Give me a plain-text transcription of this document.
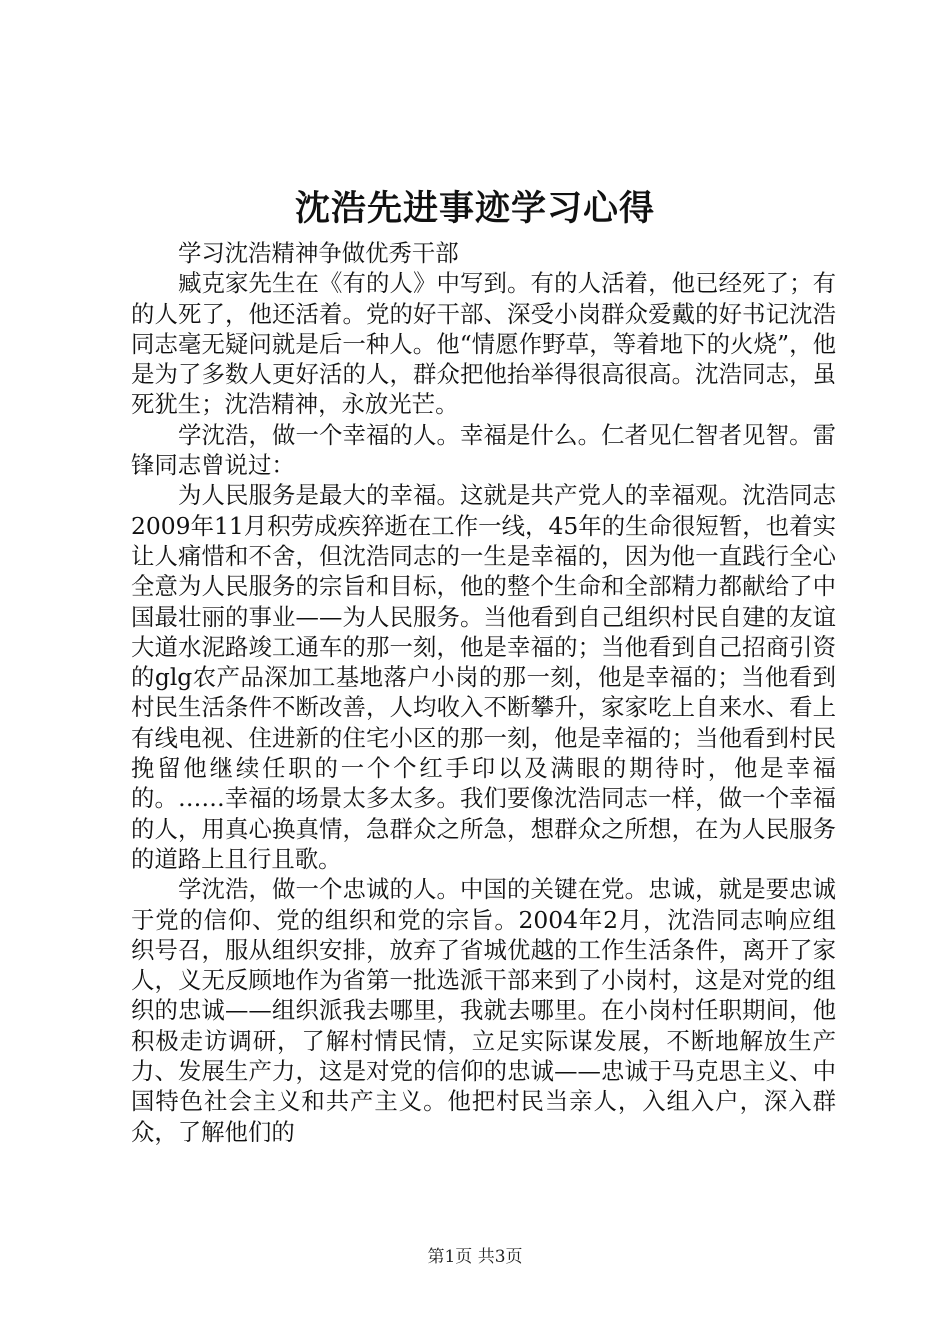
沈浩先进事迹学习心得

学习沈浩精神争做优秀干部

臧克家先生在《有的人》中写到。有的人活着，他已经死了；有的人死了，他还活着。党的好干部、深受小岗群众爱戴的好书记沈浩同志毫无疑问就是后一种人。他“情愿作野草，等着地下的火烧”，他是为了多数人更好活的人，群众把他抬举得很高很高。沈浩同志，虽死犹生；沈浩精神，永放光芒。

学沈浩，做一个幸福的人。幸福是什么。仁者见仁智者见智。雷锋同志曾说过：

为人民服务是最大的幸福。这就是共产党人的幸福观。沈浩同志2009年11月积劳成疾猝逝在工作一线，45年的生命很短暂，也着实让人痛惜和不舍，但沈浩同志的一生是幸福的，因为他一直践行全心全意为人民服务的宗旨和目标，他的整个生命和全部精力都献给了中国最壮丽的事业——为人民服务。当他看到自己组织村民自建的友谊大道水泥路竣工通车的那一刻，他是幸福的；当他看到自己招商引资的glg农产品深加工基地落户小岗的那一刻，他是幸福的；当他看到村民生活条件不断改善，人均收入不断攀升，家家吃上自来水、看上有线电视、住进新的住宅小区的那一刻，他是幸福的；当他看到村民挽留他继续任职的一个个红手印以及满眼的期待时，他是幸福的。……幸福的场景太多太多。我们要像沈浩同志一样，做一个幸福的人，用真心换真情，急群众之所急，想群众之所想，在为人民服务的道路上且行且歌。

学沈浩，做一个忠诚的人。中国的关键在党。忠诚，就是要忠诚于党的信仰、党的组织和党的宗旨。2004年2月，沈浩同志响应组织号召，服从组织安排，放弃了省城优越的工作生活条件，离开了家人，义无反顾地作为省第一批选派干部来到了小岗村，这是对党的组织的忠诚——组织派我去哪里，我就去哪里。在小岗村任职期间，他积极走访调研，了解村情民情，立足实际谋发展，不断地解放生产力、发展生产力，这是对党的信仰的忠诚——忠诚于马克思主义、中国特色社会主义和共产主义。他把村民当亲人，入组入户，深入群众，了解他们的

第1页 共3页
